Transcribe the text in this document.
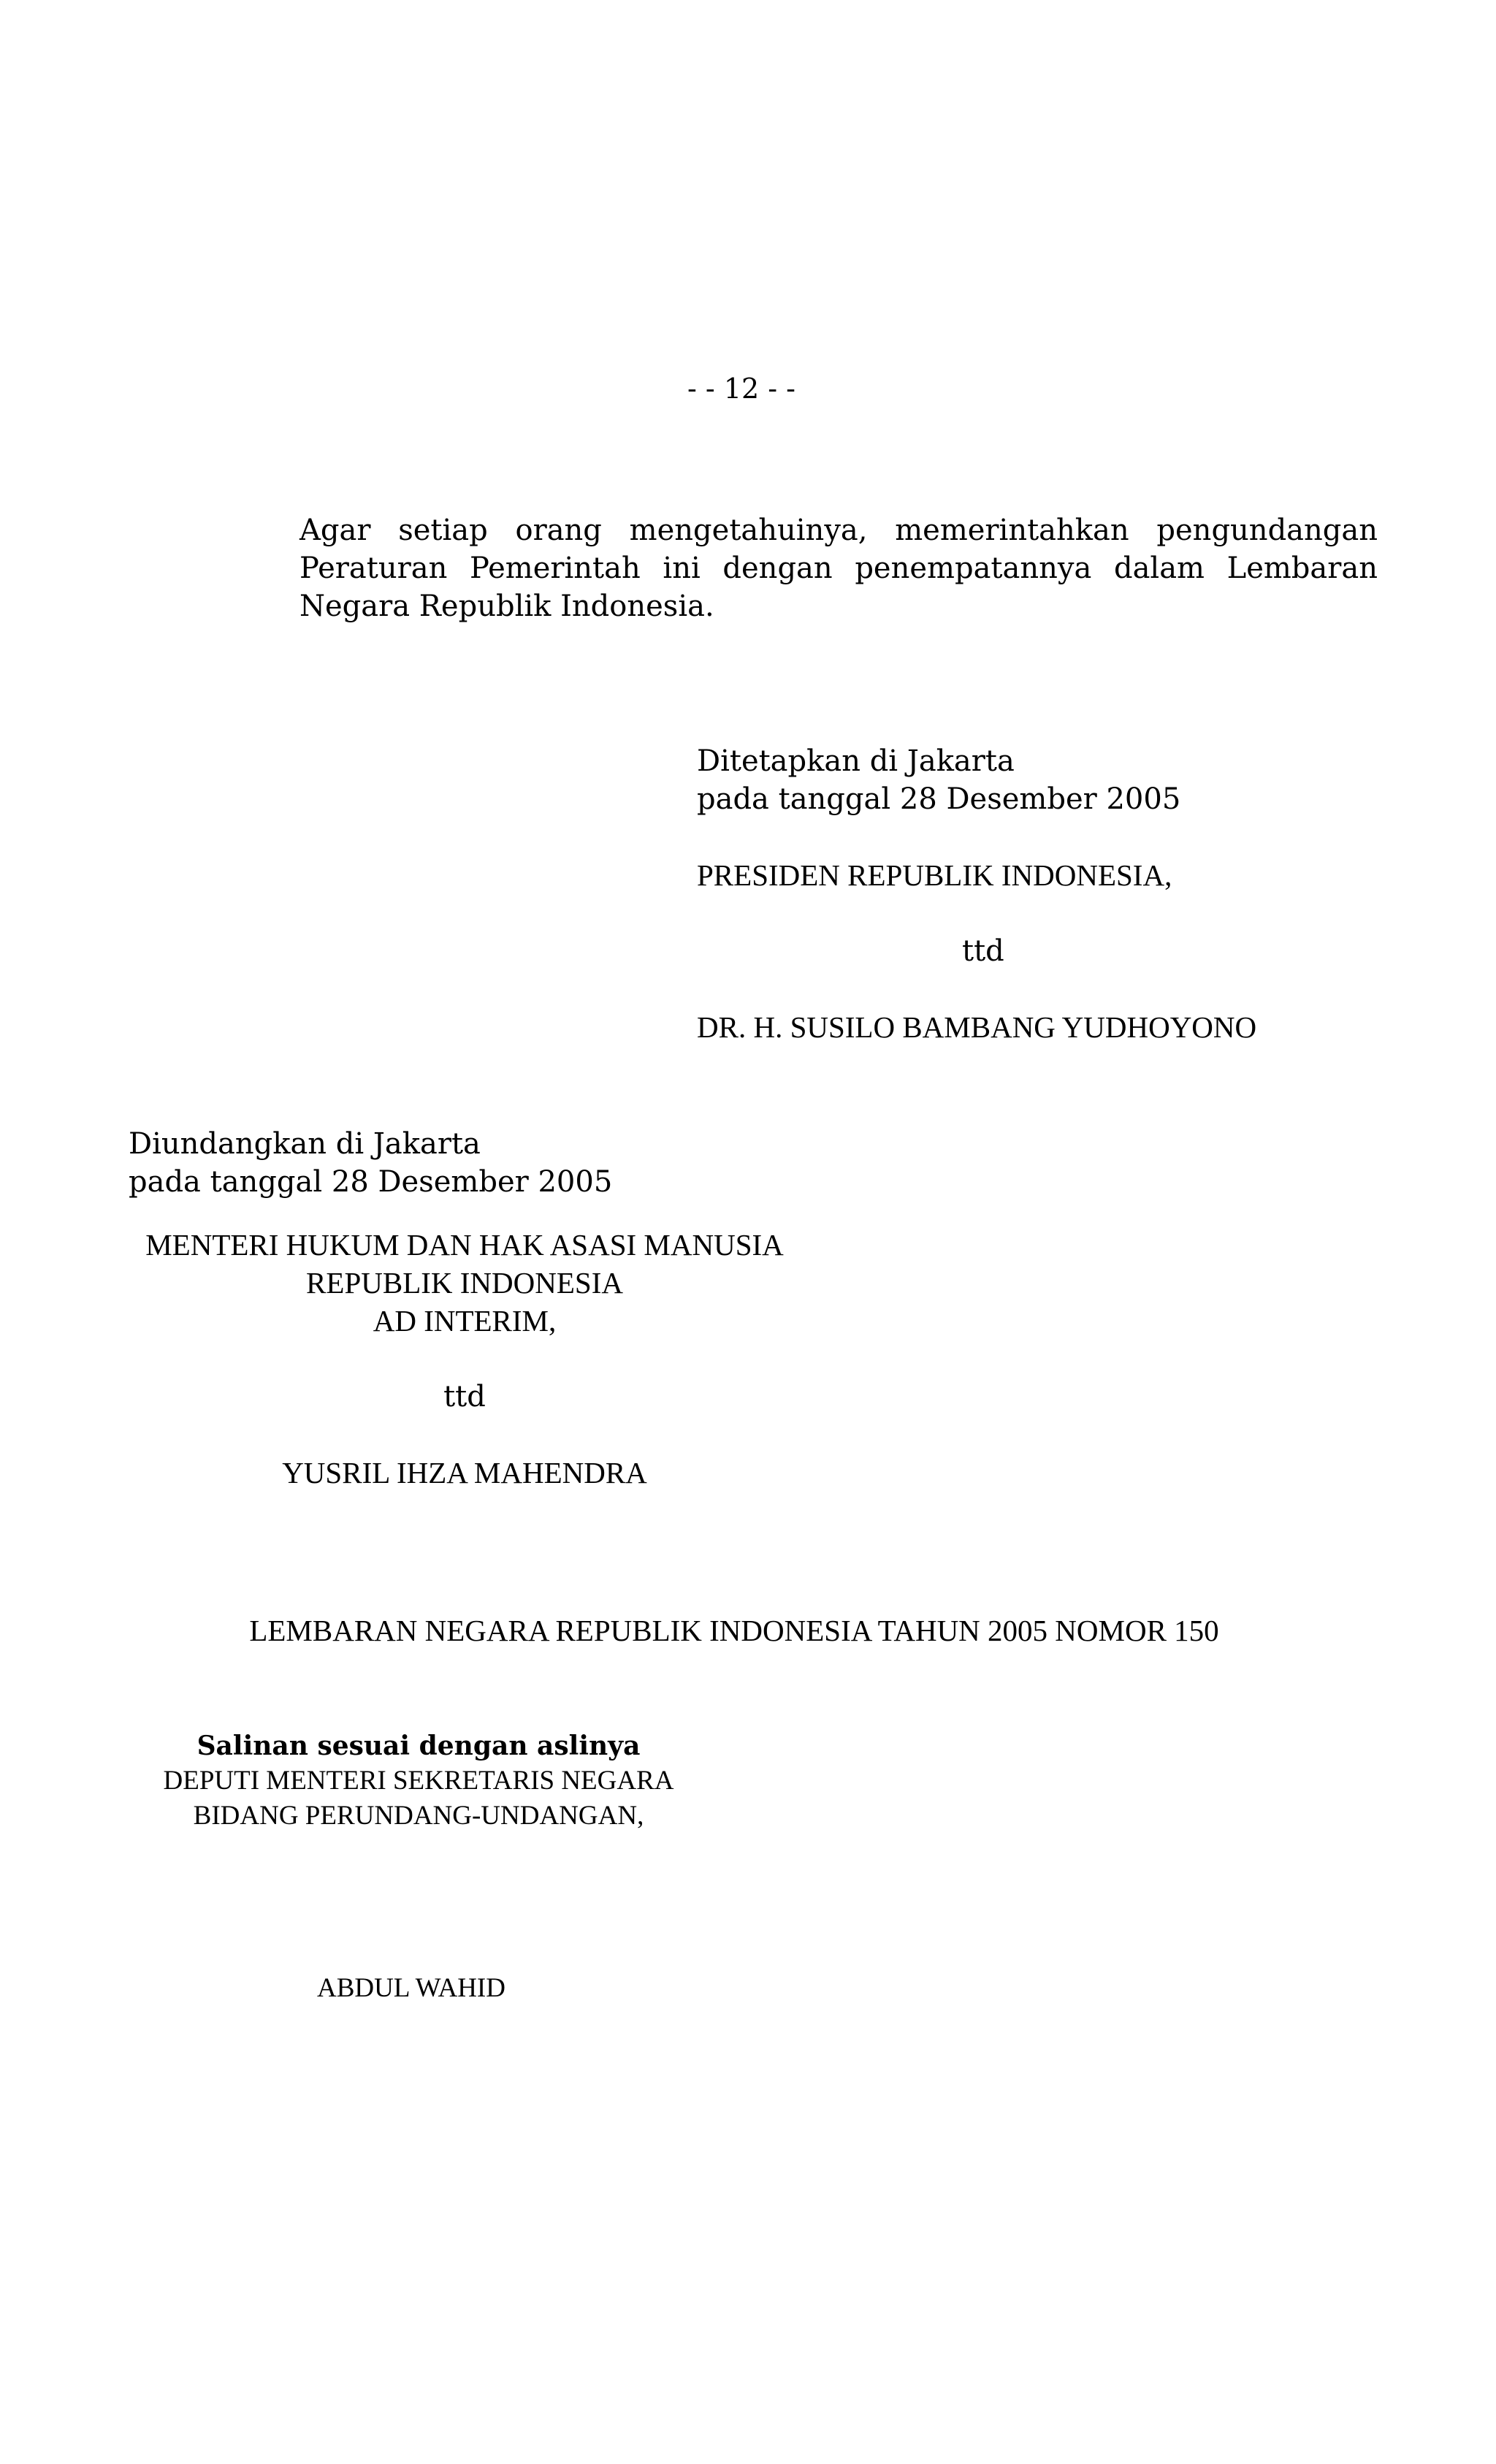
- - 12 - -
Agar setiap orang mengetahuinya, memerintahkan pengundangan
Peraturan Pemerintah ini dengan penempatannya dalam Lembaran
Negara Republik Indonesia.
Ditetapkan di Jakarta
pada tanggal 28 Desember 2005
PRESIDEN REPUBLIK INDONESIA,
ttd
DR. H. SUSILO BAMBANG YUDHOYONO
Diundangkan di Jakarta
pada tanggal 28 Desember 2005
MENTERI HUKUM DAN HAK ASASI MANUSIA
REPUBLIK INDONESIA
AD INTERIM,
ttd
YUSRIL IHZA MAHENDRA
LEMBARAN NEGARA REPUBLIK INDONESIA TAHUN 2005 NOMOR 150
Salinan sesuai dengan aslinya
DEPUTI MENTERI SEKRETARIS NEGARA
BIDANG PERUNDANG-UNDANGAN,
ABDUL WAHID
